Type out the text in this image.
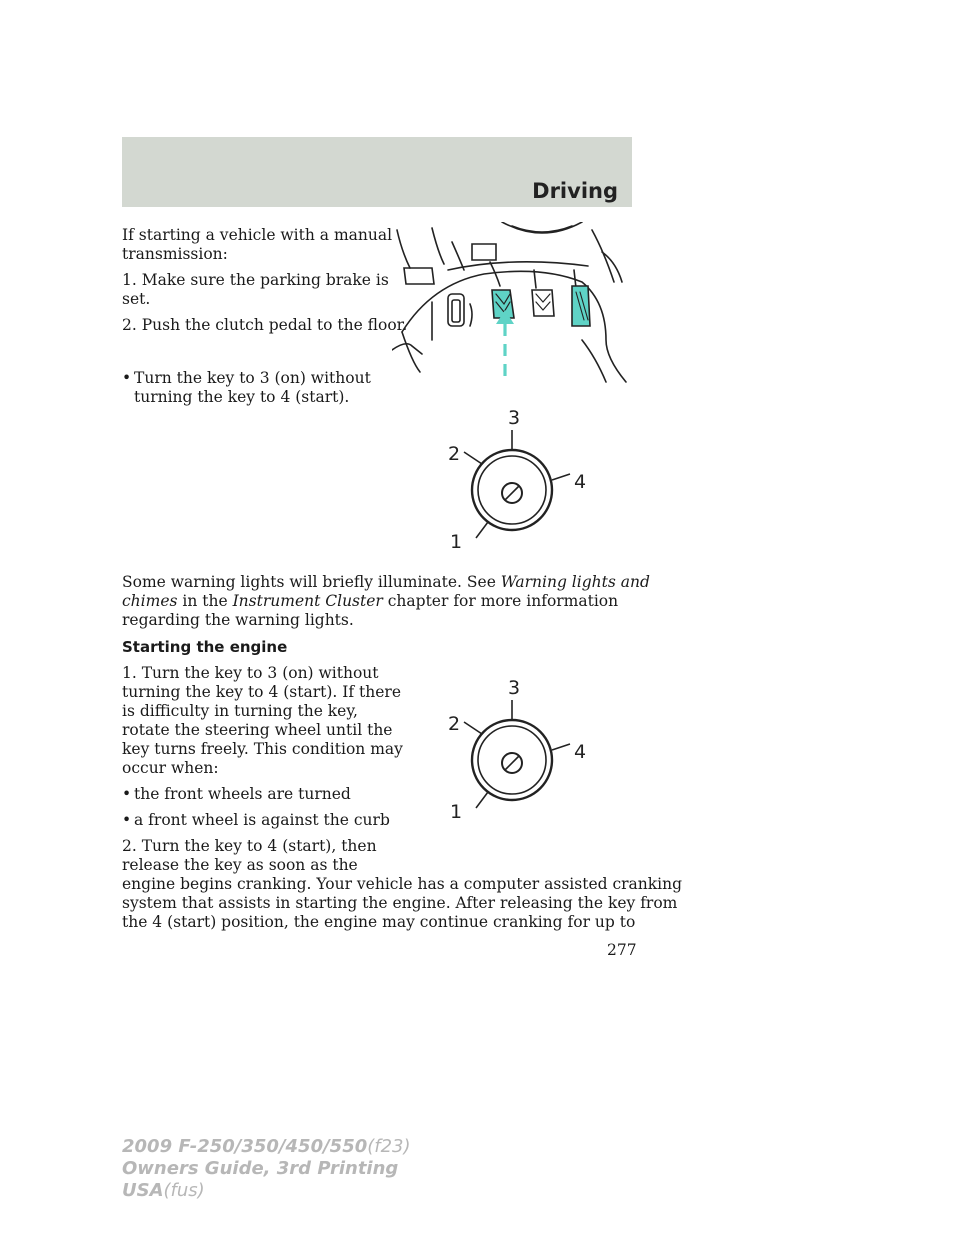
Driving

If starting a vehicle with a manual

transmission:

1. Make sure the parking brake is

set.

2. Push the clutch pedal to the floor.

• Turn the key to 3 (on) without
turning the key to 4 (start).
3
2
4
1

Some warning lights will briefly illuminate. See Warning lights and

chimes in the Instrument Cluster chapter for more information

regarding the warning lights.

Starting the engine

1. Turn the key to 3 (on) without

turning the key to 4 (start). If there

is difficulty in turning the key,

rotate the steering wheel until the

key turns freely. This condition may

occur when:

• the front wheels are turned
• a front wheel is against the curb

2. Turn the key to 4 (start), then

release the key as soon as the

engine begins cranking. Your vehicle has a computer assisted cranking

system that assists in starting the engine. After releasing the key from

the 4 (start) position, the engine may continue cranking for up to

3
2
4
1
277
2009 F-250/350/450/550(f23)
Owners Guide, 3rd Printing
USA(fus)
